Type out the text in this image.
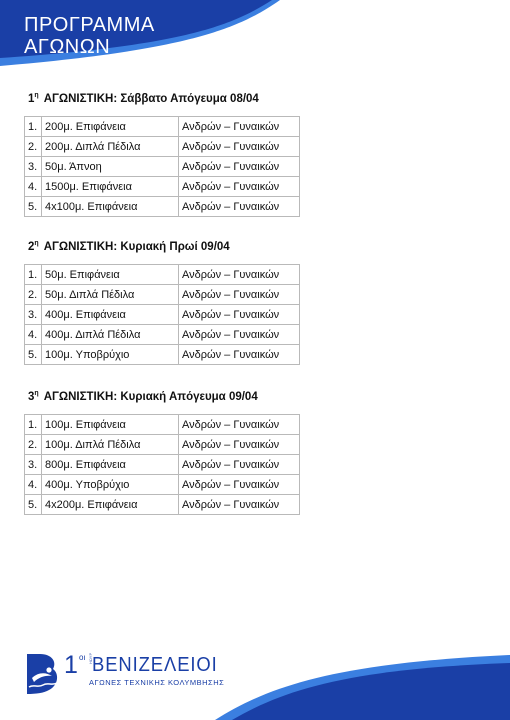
ΠΡΟΓΡΑΜΜΑ
ΑΓΩΝΩΝ
$1^\eta$ ΑΓΩΝΙΣΤΙΚΗ: Σάββατο Απόγευμα 08/04
1.	200μ. Επιφάνεια	Ανδρών – Γυναικών
2.	200μ. Διπλά Πέδιλα	Ανδρών – Γυναικών
3.	50μ. Άπνοη	Ανδρών – Γυναικών
4.	1500μ. Επιφάνεια	Ανδρών – Γυναικών
5.	4x100μ. Επιφάνεια	Ανδρών – Γυναικών
$2^\eta$ ΑΓΩΝΙΣΤΙΚΗ: Κυριακή Πρωί 09/04
1.	50μ. Επιφάνεια	Ανδρών – Γυναικών
2.	50μ. Διπλά Πέδιλα	Ανδρών – Γυναικών
3.	400μ. Επιφάνεια	Ανδρών – Γυναικών
4.	400μ. Διπλά Πέδιλα	Ανδρών – Γυναικών
5.	100μ. Υποβρύχιο	Ανδρών – Γυναικών
$3^\eta$ ΑΓΩΝΙΣΤΙΚΗ: Κυριακή Απόγευμα 09/04
1.	100μ. Επιφάνεια	Ανδρών – Γυναικών
2.	100μ. Διπλά Πέδιλα	Ανδρών – Γυναικών
3.	800μ. Επιφάνεια	Ανδρών – Γυναικών
4.	400μ. Υποβρύχιο	Ανδρών – Γυναικών
5.	4x200μ. Επιφάνεια	Ανδρών – Γυναικών
1 οι ΗΩΥΡ ΒΕΝΙΖΕΛΕΙΟΙ
ΑΓΩΝΕΣ ΤΕΧΝΙΚΗΣ ΚΟΛΥΜΒΗΣΗΣ
